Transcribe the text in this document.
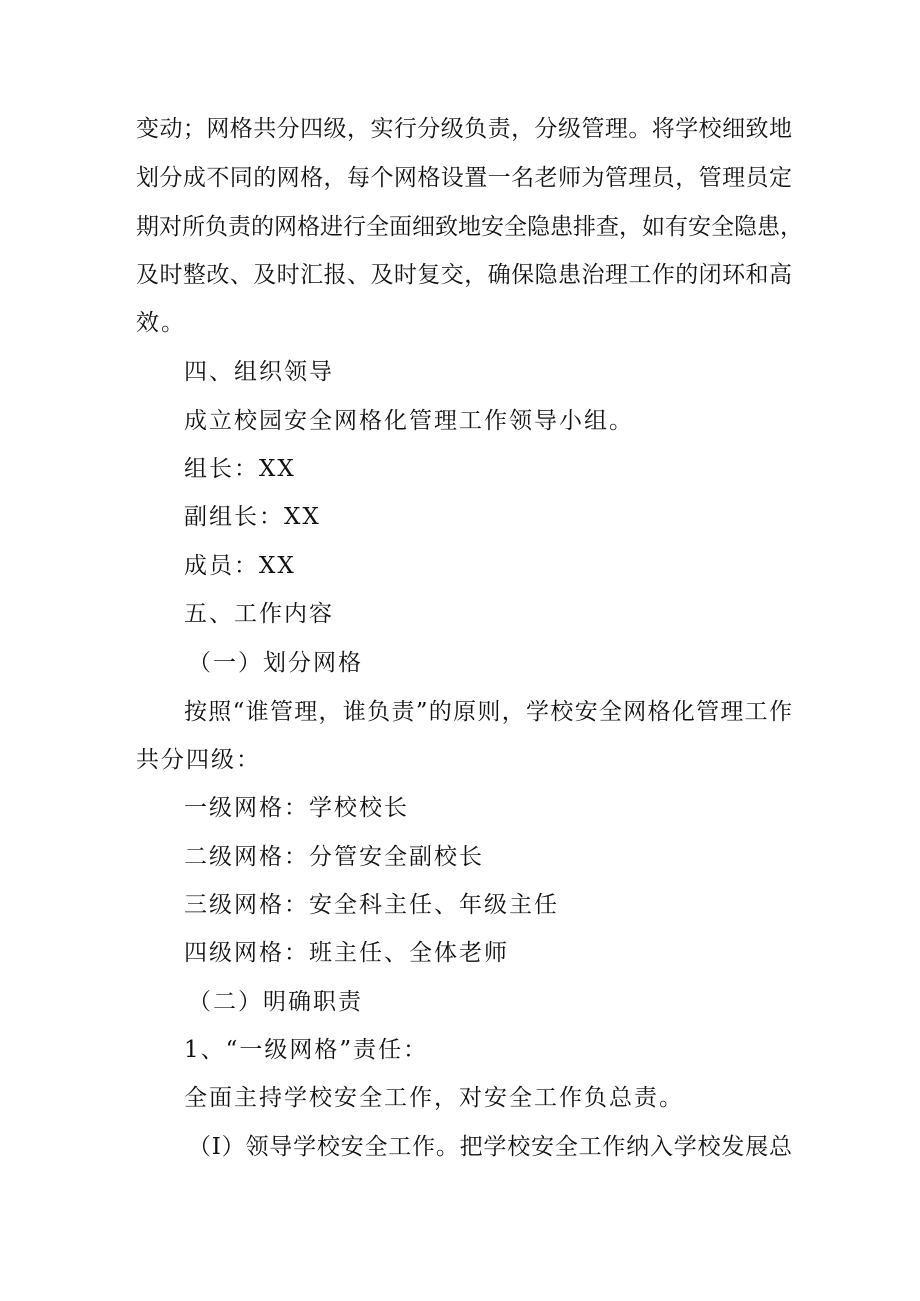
变动；网格共分四级，实行分级负责，分级管理。将学校细致地
划分成不同的网格，每个网格设置一名老师为管理员，管理员定
期对所负责的网格进行全面细致地安全隐患排查，如有安全隐患，
及时整改、及时汇报、及时复交，确保隐患治理工作的闭环和高
效。
四、组织领导
成立校园安全网格化管理工作领导小组。
组长：XX
副组长：XX
成员：XX
五、工作内容
（一）划分网格
按照“谁管理，谁负责”的原则，学校安全网格化管理工作
共分四级：
一级网格：学校校长
二级网格：分管安全副校长
三级网格：安全科主任、年级主任
四级网格：班主任、全体老师
（二）明确职责
1、“一级网格”责任：
全面主持学校安全工作，对安全工作负总责。
（I）领导学校安全工作。把学校安全工作纳入学校发展总
